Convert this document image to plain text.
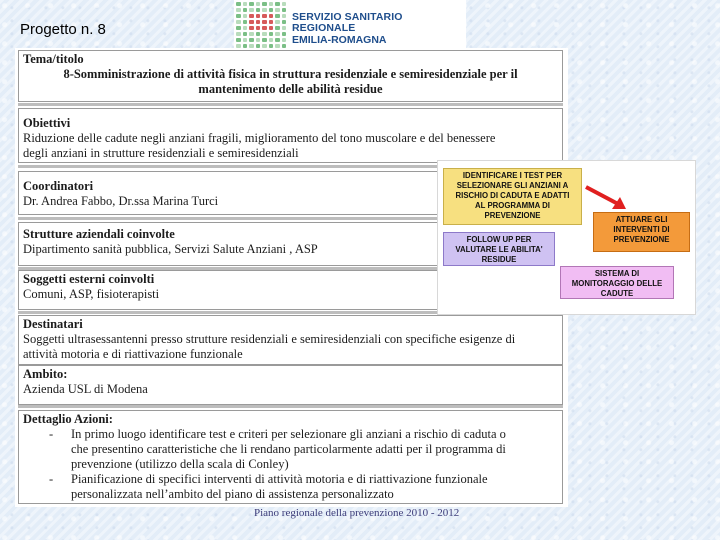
Progetto n. 8
SERVIZIO SANITARIO REGIONALE
EMILIA-ROMAGNA
Tema/titolo
8-Somministrazione di attività fisica in struttura residenziale e semiresidenziale per il
mantenimento delle abilità residue
Obiettivi
Riduzione delle cadute negli anziani fragili, miglioramento del tono muscolare e del benessere
degli anziani in strutture residenziali e semiresidenziali
Coordinatori
Dr. Andrea Fabbo, Dr.ssa Marina Turci
Strutture aziendali coinvolte
Dipartimento sanità pubblica, Servizi Salute Anziani , ASP
Soggetti esterni coinvolti
Comuni, ASP, fisioterapisti
Destinatari
Soggetti ultrasessantenni presso strutture residenziali e semiresidenziali con specifiche esigenze di
attività motoria e di riattivazione funzionale
Ambito:
Azienda USL di Modena
Dettaglio Azioni:
- In primo luogo identificare test e criteri per selezionare gli anziani a rischio di caduta o
che presentino caratteristiche che li rendano particolarmente adatti per il programma di
prevenzione (utilizzo della scala di Conley)
- Pianificazione di specifici interventi di attività motoria e di riattivazione funzionale
personalizzata nell’ambito del piano di assistenza personalizzato
IDENTIFICARE I TEST PER
SELEZIONARE GLI ANZIANI A
RISCHIO DI CADUTA E ADATTI
AL PROGRAMMA DI
PREVENZIONE	ATTUARE GLI
INTERVENTI DI
PREVENZIONE
FOLLOW UP PER
VALUTARE LE ABILITA'
RESIDUE
SISTEMA DI
MONITORAGGIO DELLE
CADUTE
Piano regionale della prevenzione 2010 - 2012
